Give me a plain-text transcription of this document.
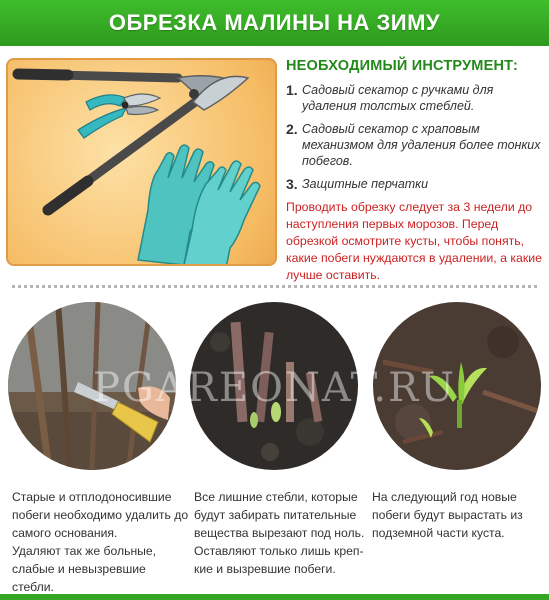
ОБРЕЗКА МАЛИНЫ НА ЗИМУ
НЕОБХОДИМЫЙ ИНСТРУМЕНТ:
1. Садовый секатор с ручками для удаления толстых стеблей.
2. Садовый секатор с храповым механизмом для удаления более тонких побегов.
3. Защитные перчатки
Проводить обрезку следует за 3 недели до наступления первых морозов. Перед обрезкой осмотрите кусты, чтобы понять, какие побеги нуждаются в удалении, а какие лучше оставить.
PGAREONAT.RU

Старые и отплодоносившие побеги необходимо удалить до самого основания.

Удаляют так же больные, слабые и невызревшие стебли.

Все лишние стебли, которые будут забирать питательные вещества вырезают под ноль.

Оставляют только лишь креп-кие и вызревшие побеги.

На следующий год новые побеги будут вырастать из подземной части куста.
